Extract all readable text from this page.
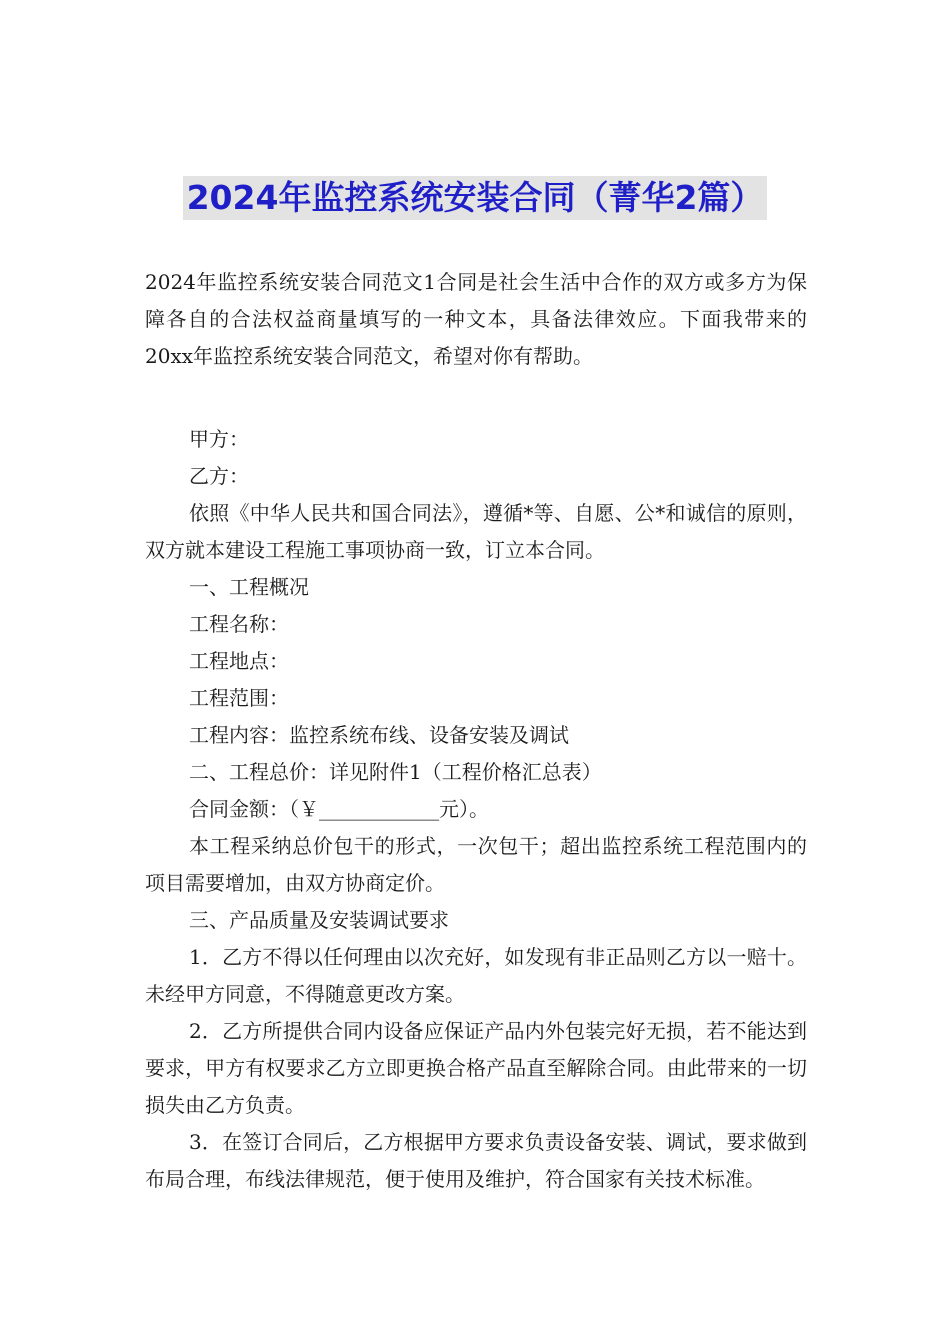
2024年监控系统安装合同（菁华2篇）

2024年监控系统安装合同范文1合同是社会生活中合作的双方或多方为保障各自的合法权益商量填写的一种文本，具备法律效应。下面我带来的20xx年监控系统安装合同范文，希望对你有帮助。

甲方：

乙方：

依照《中华人民共和国合同法》，遵循*等、自愿、公*和诚信的原则，双方就本建设工程施工事项协商一致，订立本合同。

一、工程概况

工程名称：

工程地点：

工程范围：

工程内容：监控系统布线、设备安装及调试

二、工程总价：详见附件1（工程价格汇总表）

合同金额：（￥____________元）。

本工程采纳总价包干的形式，一次包干；超出监控系统工程范围内的项目需要增加，由双方协商定价。

三、产品质量及安装调试要求

1．乙方不得以任何理由以次充好，如发现有非正品则乙方以一赔十。未经甲方同意，不得随意更改方案。

2．乙方所提供合同内设备应保证产品内外包装完好无损，若不能达到要求，甲方有权要求乙方立即更换合格产品直至解除合同。由此带来的一切损失由乙方负责。

3．在签订合同后，乙方根据甲方要求负责设备安装、调试，要求做到布局合理，布线法律规范，便于使用及维护，符合国家有关技术标准。
